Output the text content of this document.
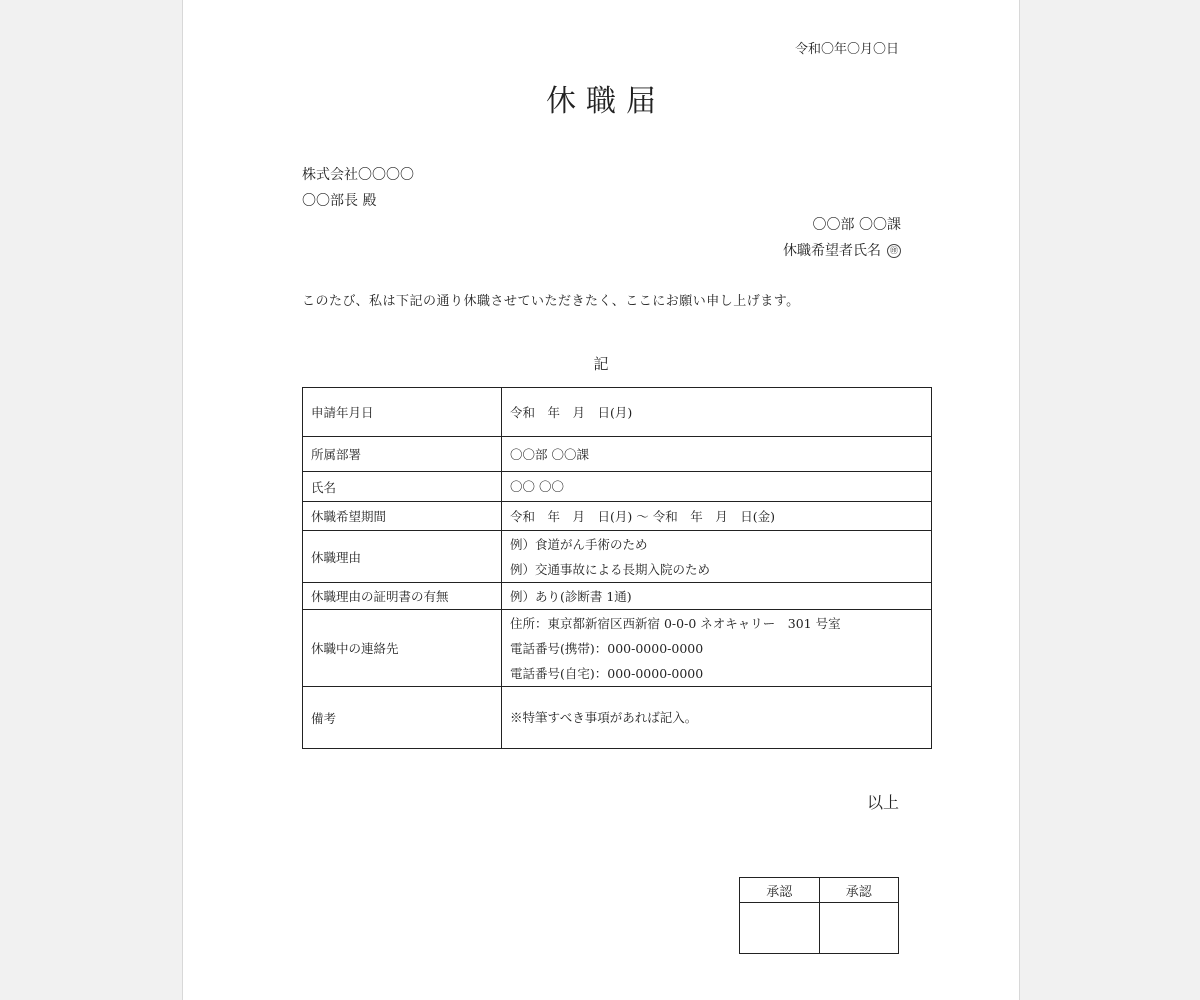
令和〇年〇月〇日
休職届
株式会社〇〇〇〇
〇〇部長 殿
〇〇部 〇〇課
休職希望者氏名 ㊞
このたび、私は下記の通り休職させていただきたく、ここにお願い申し上げます。
記
申請年月日	令和　年　月　日(月)

所属部署	〇〇部 〇〇課

氏名	〇〇 〇〇

休職希望期間	令和　年　月　日(月) ～ 令和　年　月　日(金)

休職理由	例）食道がん手術のため
例）交通事故による長期入院のため

休職理由の証明書の有無	例）あり(診断書 1通)

休職中の連絡先	住所：東京都新宿区西新宿 0-0-0 ネオキャリー　301 号室
電話番号(携帯)：000-0000-0000
電話番号(自宅)：000-0000-0000

備考	※特筆すべき事項があれば記入。
以上
承認	承認
